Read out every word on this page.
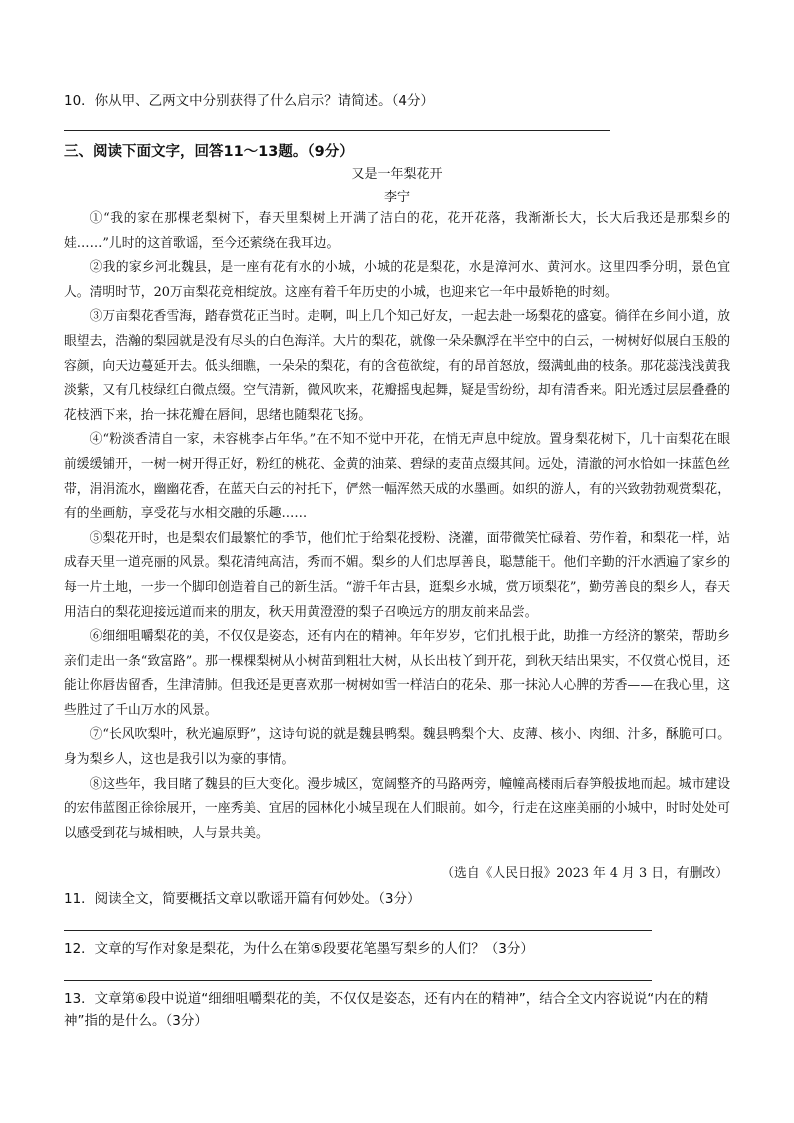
10．你从甲、乙两文中分别获得了什么启示？请简述。（4分）
三、阅读下面文字，回答11～13题。（9分）
又是一年梨花开
李宁

①“我的家在那棵老梨树下，春天里梨树上开满了洁白的花，花开花落，我渐渐长大，长大后我还是那梨乡的娃……”儿时的这首歌谣，至今还萦绕在我耳边。

②我的家乡河北魏县，是一座有花有水的小城，小城的花是梨花，水是漳河水、黄河水。这里四季分明，景色宜人。清明时节，20万亩梨花竞相绽放。这座有着千年历史的小城，也迎来它一年中最娇艳的时刻。

③万亩梨花香雪海，踏春赏花正当时。走啊，叫上几个知己好友，一起去赴一场梨花的盛宴。徜徉在乡间小道，放眼望去，浩瀚的梨园就是没有尽头的白色海洋。大片的梨花，就像一朵朵飘浮在半空中的白云，一树树好似展白玉般的容颜，向天边蔓延开去。低头细瞧，一朵朵的梨花，有的含苞欲绽，有的昂首怒放，缀满虬曲的枝条。那花蕊浅浅黄我淡紫，又有几枝绿红白微点缀。空气清新，微风吹来，花瓣摇曳起舞，疑是雪纷纷，却有清香来。阳光透过层层叠叠的花枝洒下来，抬一抹花瓣在唇间，思绪也随梨花飞扬。

④“粉淡香清自一家，未容桃李占年华。”在不知不觉中开花，在悄无声息中绽放。置身梨花树下，几十亩梨花在眼前缓缓铺开，一树一树开得正好，粉红的桃花、金黄的油菜、碧绿的麦苗点缀其间。远处，清澈的河水恰如一抹蓝色丝带，涓涓流水，幽幽花香，在蓝天白云的衬托下，俨然一幅浑然天成的水墨画。如织的游人，有的兴致勃勃观赏梨花，有的坐画舫，享受花与水相交融的乐趣……

⑤梨花开时，也是梨农们最繁忙的季节，他们忙于给梨花授粉、浇灌，面带微笑忙碌着、劳作着，和梨花一样，站成春天里一道亮丽的风景。梨花清纯高洁，秀而不媚。梨乡的人们忠厚善良，聪慧能干。他们辛勤的汗水洒遍了家乡的每一片土地，一步一个脚印创造着自己的新生活。“游千年古县，逛梨乡水城，赏万顷梨花”，勤劳善良的梨乡人，春天用洁白的梨花迎接远道而来的朋友，秋天用黄澄澄的梨子召唤远方的朋友前来品尝。

⑥细细咀嚼梨花的美，不仅仅是姿态，还有内在的精神。年年岁岁，它们扎根于此，助推一方经济的繁荣，帮助乡亲们走出一条“致富路”。那一棵棵梨树从小树苗到粗壮大树，从长出枝丫到开花，到秋天结出果实，不仅赏心悦目，还能让你唇齿留香，生津清肺。但我还是更喜欢那一树树如雪一样洁白的花朵、那一抹沁人心脾的芳香——在我心里，这些胜过了千山万水的风景。

⑦“长风吹梨叶，秋光遍原野”，这诗句说的就是魏县鸭梨。魏县鸭梨个大、皮薄、核小、肉细、汁多，酥脆可口。身为梨乡人，这也是我引以为豪的事情。

⑧这些年，我目睹了魏县的巨大变化。漫步城区，宽阔整齐的马路两旁，幢幢高楼雨后春笋般拔地而起。城市建设的宏伟蓝图正徐徐展开，一座秀美、宜居的园林化小城呈现在人们眼前。如今，行走在这座美丽的小城中，时时处处可以感受到花与城相映，人与景共美。

（选自《人民日报》2023 年 4 月 3 日，有删改）
11．阅读全文，简要概括文章以歌谣开篇有何妙处。（3分）
12．文章的写作对象是梨花，为什么在第⑤段要花笔墨写梨乡的人们？（3分）
13．文章第⑥段中说道“细细咀嚼梨花的美，不仅仅是姿态，还有内在的精神”，结合全文内容说说“内在的精神”指的是什么。（3分）
